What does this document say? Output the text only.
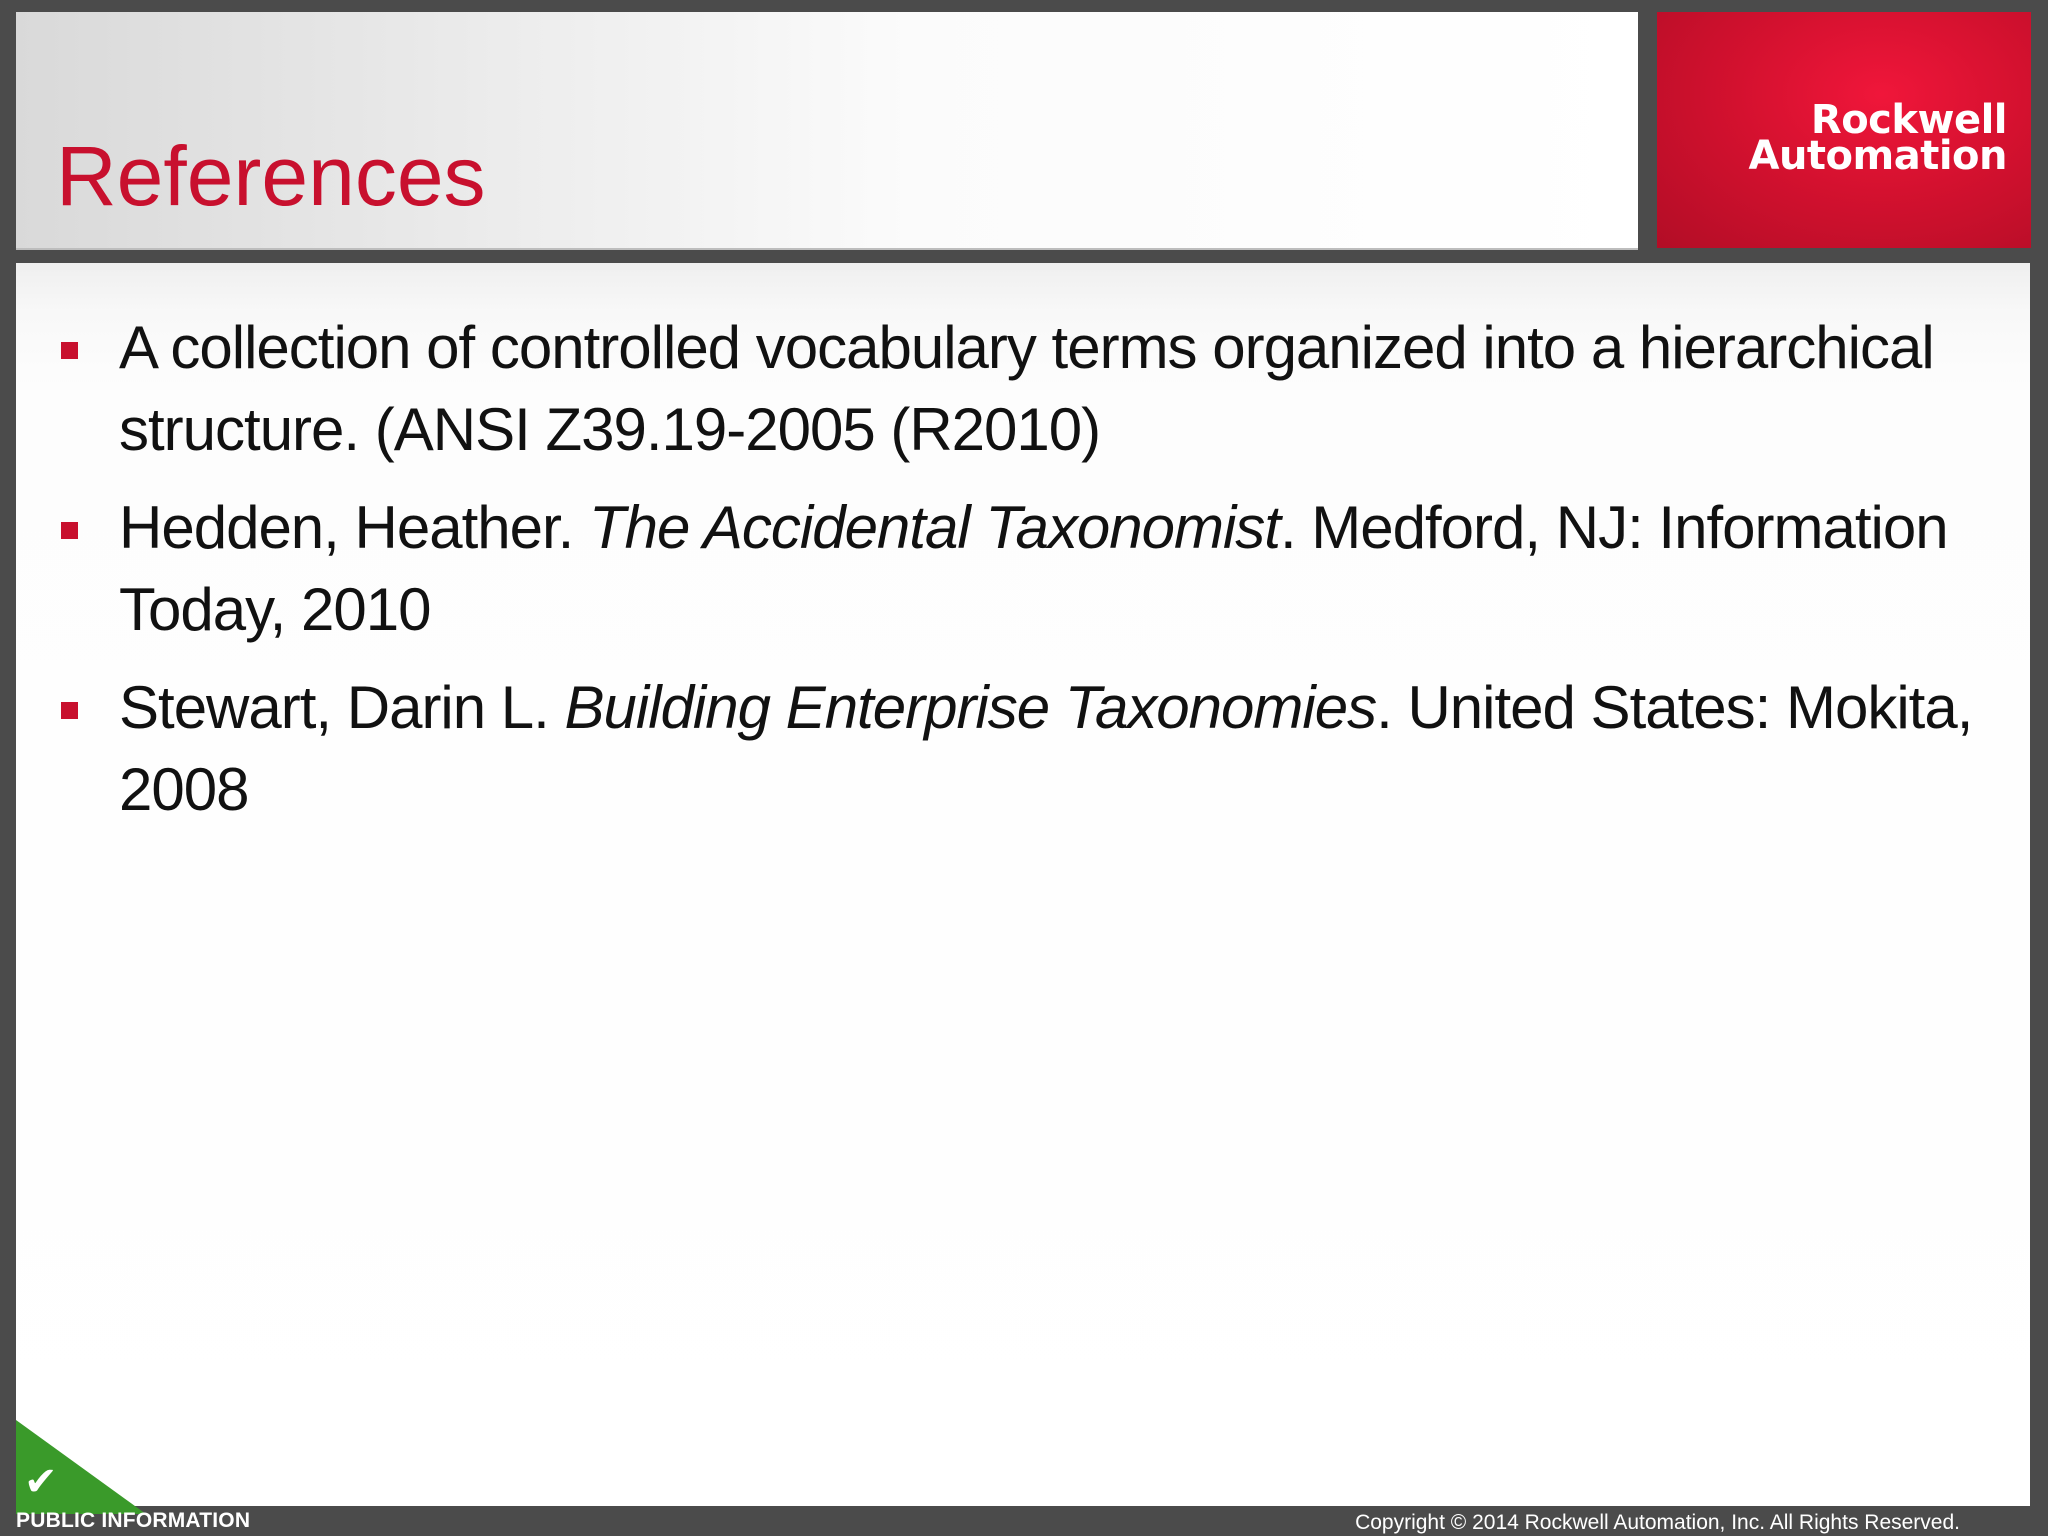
References
Rockwell
Automation
A collection of controlled vocabulary terms organized into a hierarchical structure. (ANSI Z39.19-2005 (R2010)
Hedden, Heather. The Accidental Taxonomist. Medford, NJ: Information Today, 2010
Stewart, Darin L. Building Enterprise Taxonomies. United States: Mokita, 2008
✔
PUBLIC INFORMATION	Copyright © 2014 Rockwell Automation, Inc. All Rights Reserved.
